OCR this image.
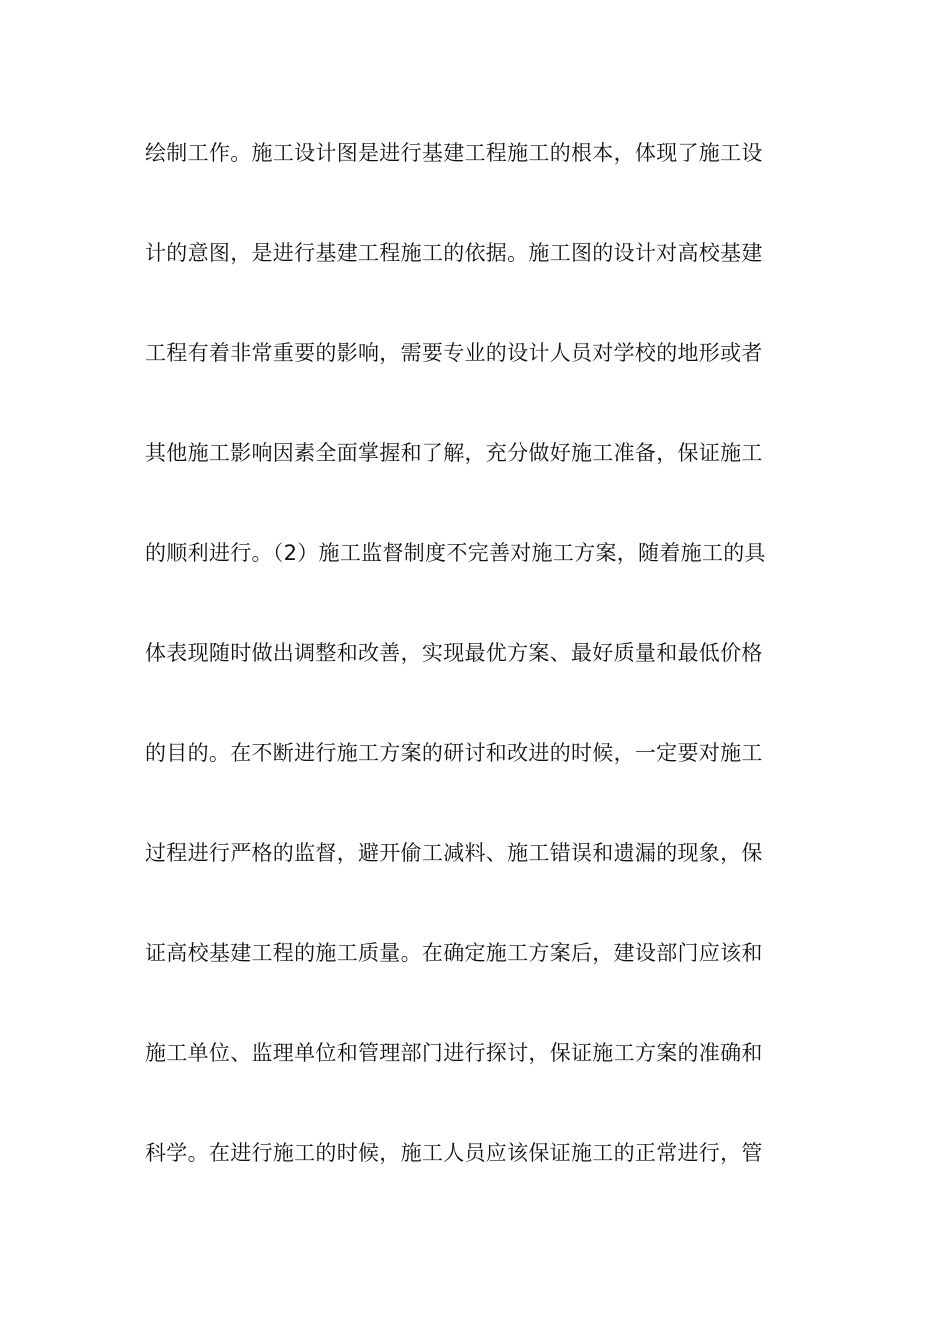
绘制工作。施工设计图是进行基建工程施工的根本，体现了施工设
计的意图，是进行基建工程施工的依据。施工图的设计对高校基建
工程有着非常重要的影响，需要专业的设计人员对学校的地形或者
其他施工影响因素全面掌握和了解，充分做好施工准备，保证施工
的顺利进行。（2）施工监督制度不完善对施工方案，随着施工的具
体表现随时做出调整和改善，实现最优方案、最好质量和最低价格
的目的。在不断进行施工方案的研讨和改进的时候，一定要对施工
过程进行严格的监督，避开偷工减料、施工错误和遗漏的现象，保
证高校基建工程的施工质量。在确定施工方案后，建设部门应该和
施工单位、监理单位和管理部门进行探讨，保证施工方案的准确和
科学。在进行施工的时候，施工人员应该保证施工的正常进行，管
